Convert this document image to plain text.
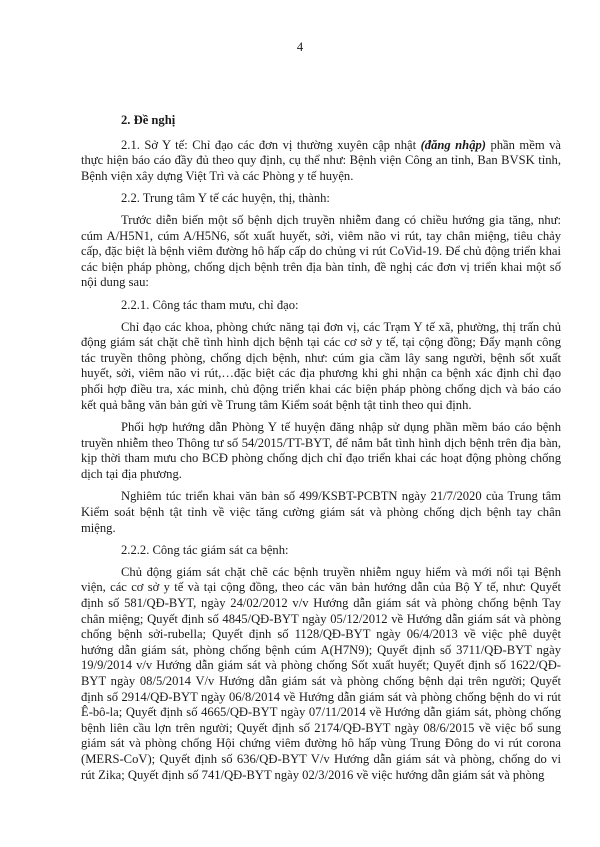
4

2. Đề nghị

2.1. Sở Y tế: Chỉ đạo các đơn vị thường xuyên cập nhật (đăng nhập) phần mềm và thực hiện báo cáo đầy đủ theo quy định, cụ thể như: Bệnh viện Công an tỉnh, Ban BVSK tỉnh, Bệnh viện xây dựng Việt Trì và các Phòng y tế huyện.

2.2. Trung tâm Y tế các huyện, thị, thành:

Trước diễn biến một số bệnh dịch truyền nhiễm đang có chiều hướng gia tăng, như: cúm A/H5N1, cúm A/H5N6, sốt xuất huyết, sởi, viêm não vi rút, tay chân miệng, tiêu chảy cấp, đặc biệt là bệnh viêm đường hô hấp cấp do chủng vi rút CoVid-19. Để chủ động triển khai các biện pháp phòng, chống dịch bệnh trên địa bàn tỉnh, đề nghị các đơn vị triển khai một số nội dung sau:

2.2.1. Công tác tham mưu, chỉ đạo:

Chỉ đạo các khoa, phòng chức năng tại đơn vị, các Trạm Y tế xã, phường, thị trấn chủ động giám sát chặt chẽ tình hình dịch bệnh tại các cơ sở y tế, tại cộng đồng; Đẩy mạnh công tác truyền thông phòng, chống dịch bệnh, như: cúm gia cầm lây sang người, bệnh sốt xuất huyết, sởi, viêm não vi rút,…đặc biệt các địa phương khi ghi nhận ca bệnh xác định chỉ đạo phối hợp điều tra, xác minh, chủ động triển khai các biện pháp phòng chống dịch và báo cáo kết quả bằng văn bản gửi về Trung tâm Kiểm soát bệnh tật tỉnh theo qui định.

Phối hợp hướng dẫn Phòng Y tế huyện đăng nhập sử dụng phần mềm báo cáo bệnh truyền nhiễm theo Thông tư số 54/2015/TT-BYT, để nắm bắt tình hình dịch bệnh trên địa bàn, kịp thời tham mưu cho BCĐ phòng chống dịch chỉ đạo triển khai các hoạt động phòng chống dịch tại địa phương.

Nghiêm túc triển khai văn bản số 499/KSBT-PCBTN ngày 21/7/2020 của Trung tâm Kiểm soát bệnh tật tỉnh về việc tăng cường giám sát và phòng chống dịch bệnh tay chân miệng.

2.2.2. Công tác giám sát ca bệnh:

Chủ động giám sát chặt chẽ các bệnh truyền nhiễm nguy hiểm và mới nổi tại Bệnh viện, các cơ sở y tế và tại cộng đồng, theo các văn bản hướng dẫn của Bộ Y tế, như: Quyết định số 581/QĐ-BYT, ngày 24/02/2012 v/v Hướng dẫn giám sát và phòng chống bệnh Tay chân miệng; Quyết định số 4845/QĐ-BYT ngày 05/12/2012 về Hướng dẫn giám sát và phòng chống bệnh sởi-rubella; Quyết định số 1128/QĐ-BYT ngày 06/4/2013 về việc phê duyệt hướng dẫn giám sát, phòng chống bệnh cúm A(H7N9); Quyết định số 3711/QĐ-BYT ngày 19/9/2014 v/v Hướng dẫn giám sát và phòng chống Sốt xuất huyết; Quyết định số 1622/QĐ-BYT ngày 08/5/2014 V/v Hướng dẫn giám sát và phòng chống bệnh dại trên người; Quyết định số 2914/QĐ-BYT ngày 06/8/2014 về Hướng dẫn giám sát và phòng chống bệnh do vi rút Ê-bô-la; Quyết định số 4665/QĐ-BYT ngày 07/11/2014 về Hướng dẫn giám sát, phòng chống bệnh liên cầu lợn trên người; Quyết định số 2174/QĐ-BYT ngày 08/6/2015 về việc bổ sung giám sát và phòng chống Hội chứng viêm đường hô hấp vùng Trung Đông do vi rút corona (MERS-CoV); Quyết định số 636/QĐ-BYT V/v Hướng dẫn giám sát và phòng, chống do vi rút Zika; Quyết định số 741/QĐ-BYT ngày 02/3/2016 về việc hướng dẫn giám sát và phòng
